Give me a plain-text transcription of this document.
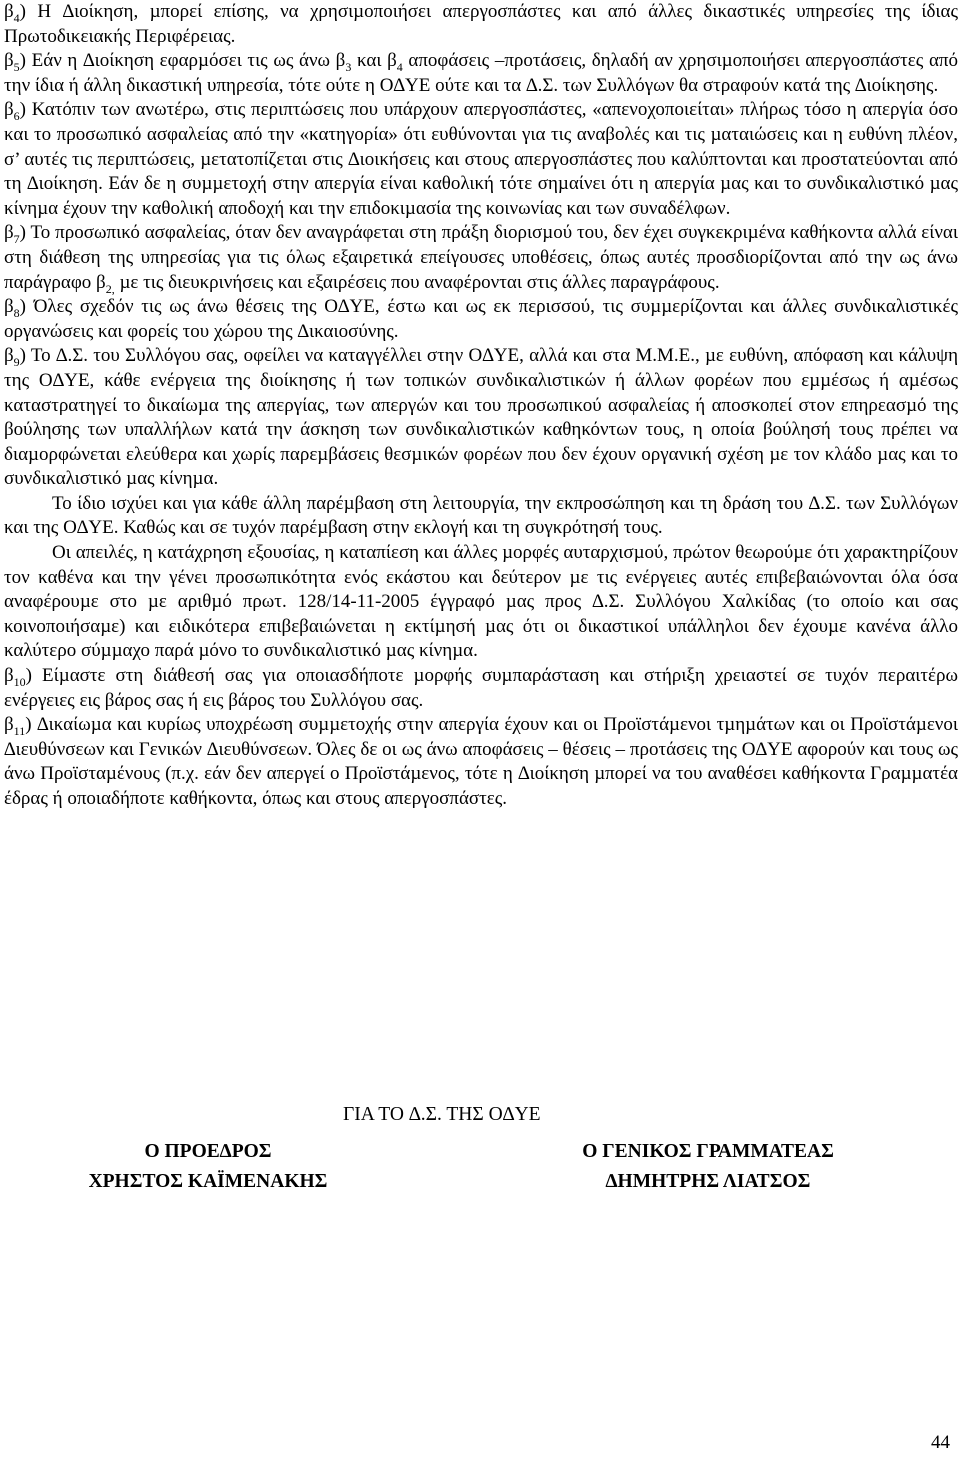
$\beta_4$) Η ∆ιοίκηση, µπορεί επίσης, να χρησιµοποιήσει απεργοσπάστες και από άλλες δικαστικές υπηρεσίες της ίδιας Πρωτοδικειακής Περιφέρειας.

$\beta_5$) Εάν η ∆ιοίκηση εφαρµόσει τις ως άνω $\beta_3$ και $\beta_4$ αποφάσεις –προτάσεις, δηλαδή αν χρησιµοποιήσει απεργοσπάστες από την ίδια ή άλλη δικαστική υπηρεσία, τότε ούτε η Ο∆ΥΕ ούτε και τα ∆.Σ. των Συλλόγων θα στραφούν κατά της ∆ιοίκησης.

$\beta_6$) Κατόπιν των ανωτέρω, στις περιπτώσεις που υπάρχουν απεργοσπάστες, «απενοχοποιείται» πλήρως τόσο η απεργία όσο και το προσωπικό ασφαλείας από την «κατηγορία» ότι ευθύνονται για τις αναβολές και τις µαταιώσεις και η ευθύνη πλέον, σ’ αυτές τις περιπτώσεις, µετατοπίζεται στις ∆ιοικήσεις και στους απεργοσπάστες που καλύπτονται και προστατεύονται από τη ∆ιοίκηση. Εάν δε η συµµετοχή στην απεργία είναι καθολική τότε σηµαίνει ότι η απεργία µας και το συνδικαλιστικό µας κίνηµα έχουν την καθολική αποδοχή και την επιδοκιµασία της κοινωνίας και των συναδέλφων.

$\beta_7$) Το προσωπικό ασφαλείας, όταν δεν αναγράφεται στη πράξη διορισµού του, δεν έχει συγκεκριµένα καθήκοντα αλλά είναι στη διάθεση της υπηρεσίας για τις όλως εξαιρετικά επείγουσες υποθέσεις, όπως αυτές προσδιορίζονται από την ως άνω παράγραφο $\beta_{2,}$ µε τις διευκρινήσεις και εξαιρέσεις που αναφέρονται στις άλλες παραγράφους.

$\beta_8$) Όλες σχεδόν τις ως άνω θέσεις της Ο∆ΥΕ, έστω και ως εκ περισσού, τις συµµερίζονται και άλλες συνδικαλιστικές οργανώσεις και φορείς του χώρου της ∆ικαιοσύνης.

$\beta_9$) Το ∆.Σ. του Συλλόγου σας, οφείλει να καταγγέλλει στην Ο∆ΥΕ, αλλά και στα Μ.Μ.Ε., µε ευθύνη, απόφαση και κάλυψη της Ο∆ΥΕ, κάθε ενέργεια της διοίκησης ή των τοπικών συνδικαλιστικών ή άλλων φορέων που εµµέσως ή αµέσως καταστρατηγεί το δικαίωµα της απεργίας, των απεργών και του προσωπικού ασφαλείας ή αποσκοπεί στον επηρεασµό της βούλησης των υπαλλήλων κατά την άσκηση των συνδικαλιστικών καθηκόντων τους, η οποία βούλησή τους πρέπει να διαµορφώνεται ελεύθερα και χωρίς παρεµβάσεις θεσµικών φορέων που δεν έχουν οργανική σχέση µε τον κλάδο µας και το συνδικαλιστικό µας κίνηµα.

Το ίδιο ισχύει και για κάθε άλλη παρέµβαση στη λειτουργία, την εκπροσώπηση και τη δράση του ∆.Σ. των Συλλόγων και της Ο∆ΥΕ. Καθώς και σε τυχόν παρέµβαση στην εκλογή και τη συγκρότησή τους.

Οι απειλές, η κατάχρηση εξουσίας, η καταπίεση και άλλες µορφές αυταρχισµού, πρώτον θεωρούµε ότι χαρακτηρίζουν τον καθένα και την γένει προσωπικότητα ενός εκάστου και δεύτερον µε τις ενέργειες αυτές επιβεβαιώνονται όλα όσα αναφέρουµε στο µε αριθµό πρωτ. 128/14-11-2005 έγγραφό µας προς ∆.Σ. Συλλόγου Χαλκίδας (το οποίο και σας κοινοποιήσαµε) και ειδικότερα επιβεβαιώνεται η εκτίµησή µας ότι οι δικαστικοί υπάλληλοι δεν έχουµε κανένα άλλο καλύτερο σύµµαχο παρά µόνο το συνδικαλιστικό µας κίνηµα.

$\beta_{10}$) Είµαστε στη διάθεσή σας για οποιασδήποτε µορφής συµπαράσταση και στήριξη χρειαστεί σε τυχόν περαιτέρω ενέργειες εις βάρος σας ή εις βάρος του Συλλόγου σας.

$\beta_{11}$) ∆ικαίωµα και κυρίως υποχρέωση συµµετοχής στην απεργία έχουν και οι Προϊστάµενοι τµηµάτων και οι Προϊστάµενοι ∆ιευθύνσεων και Γενικών ∆ιευθύνσεων. Όλες δε οι ως άνω αποφάσεις – θέσεις – προτάσεις της Ο∆ΥΕ αφορούν και τους ως άνω Προϊσταµένους (π.χ. εάν δεν απεργεί ο Προϊστάµενος, τότε η ∆ιοίκηση µπορεί να του αναθέσει καθήκοντα Γραµµατέα έδρας ή οποιαδήποτε καθήκοντα, όπως και στους απεργοσπάστες.

ΓΙΑ ΤΟ ∆.Σ. ΤΗΣ Ο∆ΥΕ
Ο ΠΡΟΕ∆ΡΟΣ
ΧΡΗΣΤΟΣ ΚΑΪΜΕΝΑΚΗΣ
Ο ΓΕΝΙΚΟΣ ΓΡΑΜΜΑΤΕΑΣ
∆ΗΜΗΤΡΗΣ ΛΙΑΤΣΟΣ
44
